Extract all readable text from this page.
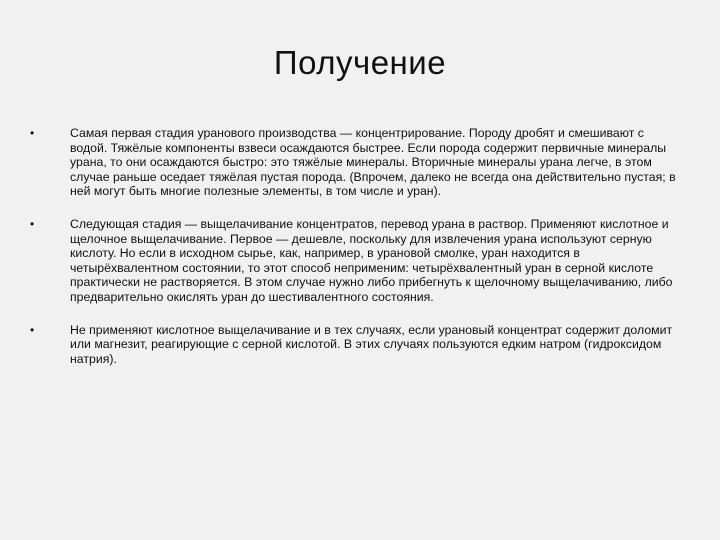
Получение
•	Самая первая стадия уранового производства — концентрирование. Породу дробят и смешивают с водой. Тяжёлые компоненты взвеси осаждаются быстрее. Если порода содержит первичные минералы урана, то они осаждаются быстро: это тяжёлые минералы. Вторичные минералы урана легче, в этом случае раньше оседает тяжёлая пустая порода. (Впрочем, далеко не всегда она действительно пустая; в ней могут быть многие полезные элементы, в том числе и уран).
•	Следующая стадия — выщелачивание концентратов, перевод урана в раствор. Применяют кислотное и щелочное выщелачивание. Первое — дешевле, поскольку для извлечения урана используют серную кислоту. Но если в исходном сырье, как, например, в урановой смолке, уран находится в четырёхвалентном состоянии, то этот способ неприменим: четырёхвалентный уран в серной кислоте практически не растворяется. В этом случае нужно либо прибегнуть к щелочному выщелачиванию, либо предварительно окислять уран до шестивалентного состояния.
•	Не применяют кислотное выщелачивание и в тех случаях, если урановый концентрат содержит доломит или магнезит, реагирующие с серной кислотой. В этих случаях пользуются едким натром (гидроксидом натрия).
